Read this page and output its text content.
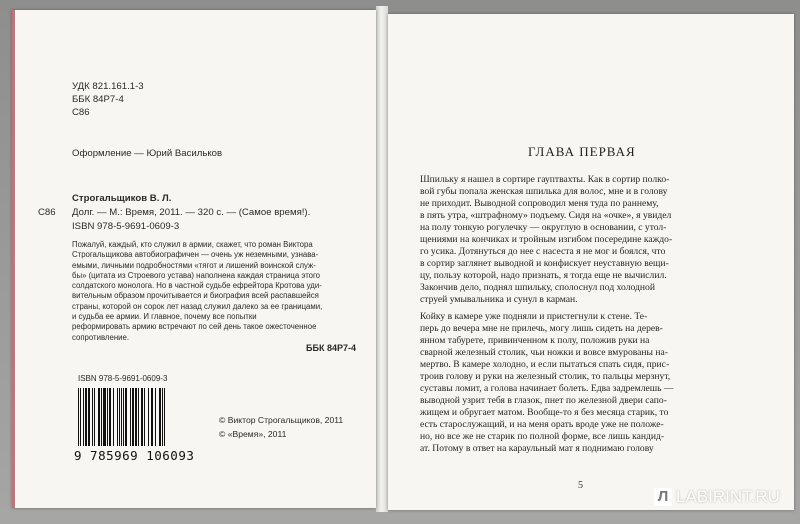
УДК 821.161.1-3
ББК 84Р7-4
С86
Оформление — Юрий Васильков
С86
Строгальщиков В. Л.
Долг. — М.: Время, 2011. — 320 с. — (Самое время!).
ISBN 978-5-9691-0609-3
Пожалуй, каждый, кто служил в армии, скажет, что роман Виктора
Строгальщикова автобиографичен — очень уж неземными, узнава-
емыми, личными подробностями «тягот и лишений воинской служ-
бы» (цитата из Строевого устава) наполнена каждая страница этого
солдатского монолога. Но в частной судьбе ефрейтора Кротова уди-
вительным образом прочитывается и биография всей распавшейся
страны, которой он сорок лет назад служил далеко за ее границами,
и судьба ее армии. И главное, почему все попытки
реформировать армию встречают по сей день такое ожесточенное
сопротивление.
ББК 84Р7-4
ISBN 978-5-9691-0609-3
9 785969 106093
© Виктор Строгальщиков, 2011
© «Время», 2011
ГЛАВА ПЕРВАЯ
Шпильку я нашел в сортире гауптвахты. Как в сортир полко-
вой губы попала женская шпилька для волос, мне и в голову
не приходит. Выводной сопроводил меня туда по раннему,
в пять утра, «штрафному» подъему. Сидя на «очке», я увидел
на полу тонкую рогулечку — округлую в основании, с утол-
щениями на кончиках и тройным изгибом посередине каждо-
го усика. Дотянуться до нее с насеста я не мог и боялся, что
в сортир заглянет выводной и конфискует неуставную вещи-
цу, пользу которой, надо признать, я тогда еще не вычислил.
Закончив дело, поднял шпильку, сполоснул под холодной
струей умывальника и сунул в карман.
Койку в камере уже подняли и пристегнули к стене. Те-
перь до вечера мне не прилечь, могу лишь сидеть на дерев-
янном табурете, привинченном к полу, положив руки на
сварной железный столик, чьи ножки и вовсе вмурованы на-
мертво. В камере холодно, и если пытаться спать сидя, прис-
троив голову и руки на железный столик, то пальцы мерзнут,
суставы ломит, а голова начинает болеть. Едва задремлешь —
выводной узрит тебя в глазок, пнет по железной двери сапо-
жищем и обругает матом. Вообще-то я без месяца старик, то
есть старослужащий, и на меня орать вроде уже не положе-
но, но все же не старик по полной форме, все лишь кандид-
ат. Потому в ответ на караульный мат я поднимаю голову
5
Л LABIRINT.RU
